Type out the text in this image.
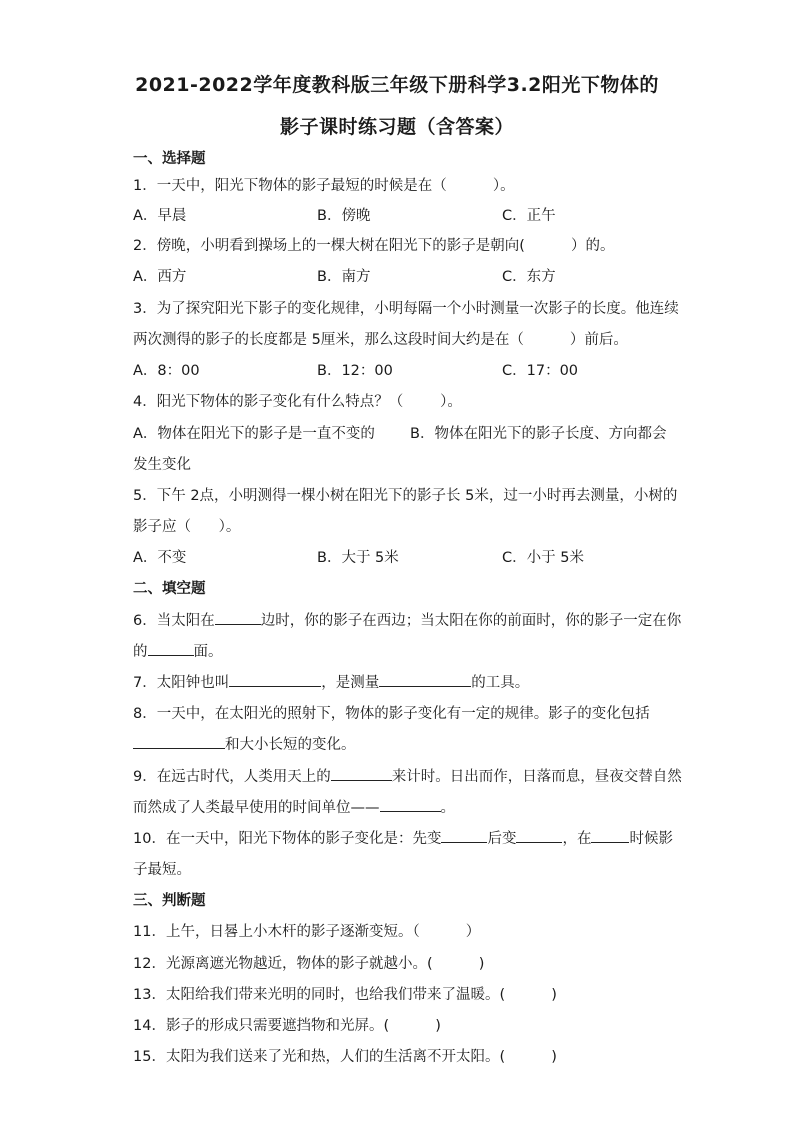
2021-2022学年度教科版三年级下册科学3.2阳光下物体的
影子课时练习题（含答案）
一、选择题
1．一天中，阳光下物体的影子最短的时候是在（          ）。
A．早晨	B．傍晚	C．正午
2．傍晚，小明看到操场上的一棵大树在阳光下的影子是朝向(          ）的。
A．西方	B．南方	C．东方
3．为了探究阳光下影子的变化规律，小明每隔一个小时测量一次影子的长度。他连续
两次测得的影子的长度都是 5厘米，那么这段时间大约是在（          ）前后。
A．8：00	B．12：00	C．17：00
4．阳光下物体的影子变化有什么特点？（        ）。
A．物体在阳光下的影子是一直不变的 B．物体在阳光下的影子长度、方向都会
发生变化
5．下午 2点，小明测得一棵小树在阳光下的影子长 5米，过一小时再去测量，小树的
影子应（      ）。
A．不变	B．大于 5米	C．小于 5米
二、填空题
6．当太阳在	边时，你的影子在西边；当太阳在你的前面时，你的影子一定在你
的	面。
7．太阳钟也叫	，是测量	的工具。
8．一天中，在太阳光的照射下，物体的影子变化有一定的规律。影子的变化包括
和大小长短的变化。
9．在远古时代，人类用天上的	来计时。日出而作，日落而息，昼夜交替自然
而然成了人类最早使用的时间单位——	。
10．在一天中，阳光下物体的影子变化是：先变	后变	，在	时候影
子最短。
三、判断题
11．上午，日晷上小木杆的影子逐渐变短。（          ）
12．光源离遮光物越近，物体的影子就越小。(          )
13．太阳给我们带来光明的同时，也给我们带来了温暖。(          )
14．影子的形成只需要遮挡物和光屏。(          )
15．太阳为我们送来了光和热，人们的生活离不开太阳。(          )
